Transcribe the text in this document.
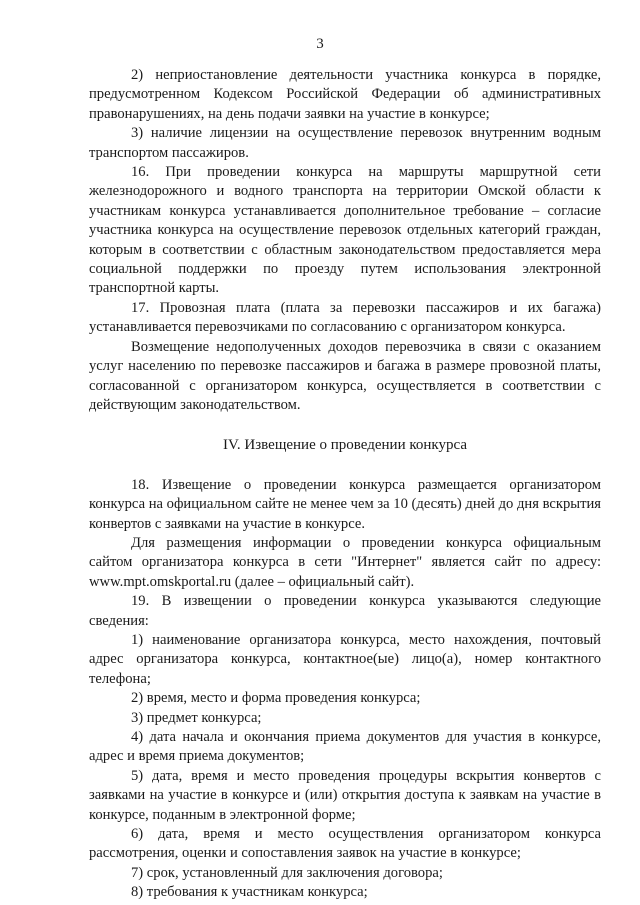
3

2) неприостановление деятельности участника конкурса в порядке, предусмотренном Кодексом Российской Федерации об административных правонарушениях, на день подачи заявки на участие в конкурсе;

3) наличие лицензии на осуществление перевозок внутренним водным транспортом пассажиров.

16. При проведении конкурса на маршруты маршрутной сети железнодорожного и водного транспорта на территории Омской области к участникам конкурса устанавливается дополнительное требование – согласие участника конкурса на осуществление перевозок отдельных категорий граждан, которым в соответствии с областным законодательством предоставляется мера социальной поддержки по проезду путем использования электронной транспортной карты.

17. Провозная плата (плата за перевозки пассажиров и их багажа) устанавливается перевозчиками по согласованию с организатором конкурса.

Возмещение недополученных доходов перевозчика в связи с оказанием услуг населению по перевозке пассажиров и багажа в размере провозной платы, согласованной с организатором конкурса, осуществляется в соответствии с действующим законодательством.

IV. Извещение о проведении конкурса

18. Извещение о проведении конкурса размещается организатором конкурса на официальном сайте не менее чем за 10 (десять) дней до дня вскрытия конвертов с заявками на участие в конкурсе.

Для размещения информации о проведении конкурса официальным сайтом организатора конкурса в сети "Интернет" является сайт по адресу: www.mpt.omskportal.ru (далее – официальный сайт).

19. В извещении о проведении конкурса указываются следующие сведения:

1) наименование организатора конкурса, место нахождения, почтовый адрес организатора конкурса, контактное(ые) лицо(а), номер контактного телефона;

2) время, место и форма проведения конкурса;

3) предмет конкурса;

4) дата начала и окончания приема документов для участия в конкурсе, адрес и время приема документов;

5) дата, время и место проведения процедуры вскрытия конвертов с заявками на участие в конкурсе и (или) открытия доступа к заявкам на участие в конкурсе, поданным в электронной форме;

6) дата, время и место осуществления организатором конкурса рассмотрения, оценки и сопоставления заявок на участие в конкурсе;

7) срок, установленный для заключения договора;

8) требования к участникам конкурса;
